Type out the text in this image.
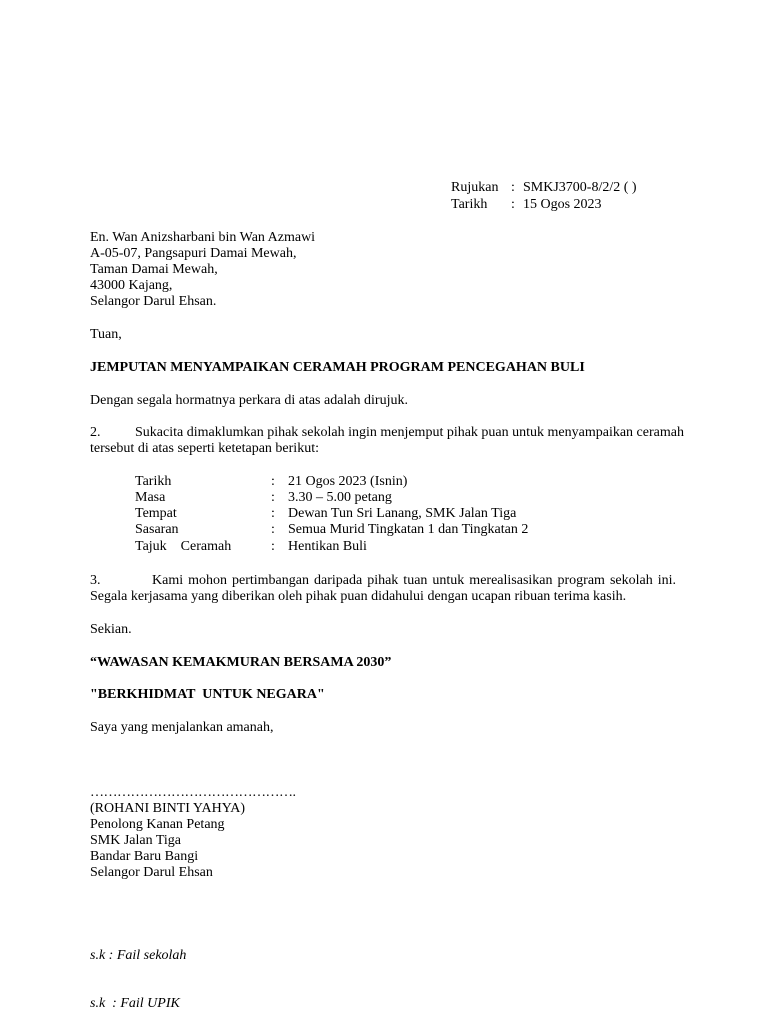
Rujukan : SMKJ3700-8/2/2 ( )
Tarikh : 15 Ogos 2023
En. Wan Anizsharbani bin Wan Azmawi
A-05-07, Pangsapuri Damai Mewah,
Taman Damai Mewah,
43000 Kajang,
Selangor Darul Ehsan.
Tuan,
JEMPUTAN MENYAMPAIKAN CERAMAH PROGRAM PENCEGAHAN BULI
Dengan segala hormatnya perkara di atas adalah dirujuk.
2. Sukacita dimaklumkan pihak sekolah ingin menjemput pihak puan untuk menyampaikan ceramah
tersebut di atas seperti ketetapan berikut:
Tarikh	: 21 Ogos 2023 (Isnin)
Masa	: 3.30 – 5.00 petang
Tempat	: Dewan Tun Sri Lanang, SMK Jalan Tiga
Sasaran	: Semua Murid Tingkatan 1 dan Tingkatan 2
Tajuk    Ceramah	: Hentikan Buli
3.	Kami mohon pertimbangan daripada pihak tuan untuk merealisasikan program sekolah ini.
Segala kerjasama yang diberikan oleh pihak puan didahului dengan ucapan ribuan terima kasih.
Sekian.
“WAWASAN KEMAKMURAN BERSAMA 2030”
"BERKHIDMAT  UNTUK NEGARA"
Saya yang menjalankan amanah,
……………………………………….
(ROHANI BINTI YAHYA)
Penolong Kanan Petang
SMK Jalan Tiga
Bandar Baru Bangi
Selangor Darul Ehsan

s.k : Fail sekolah

s.k  : Fail UPIK
